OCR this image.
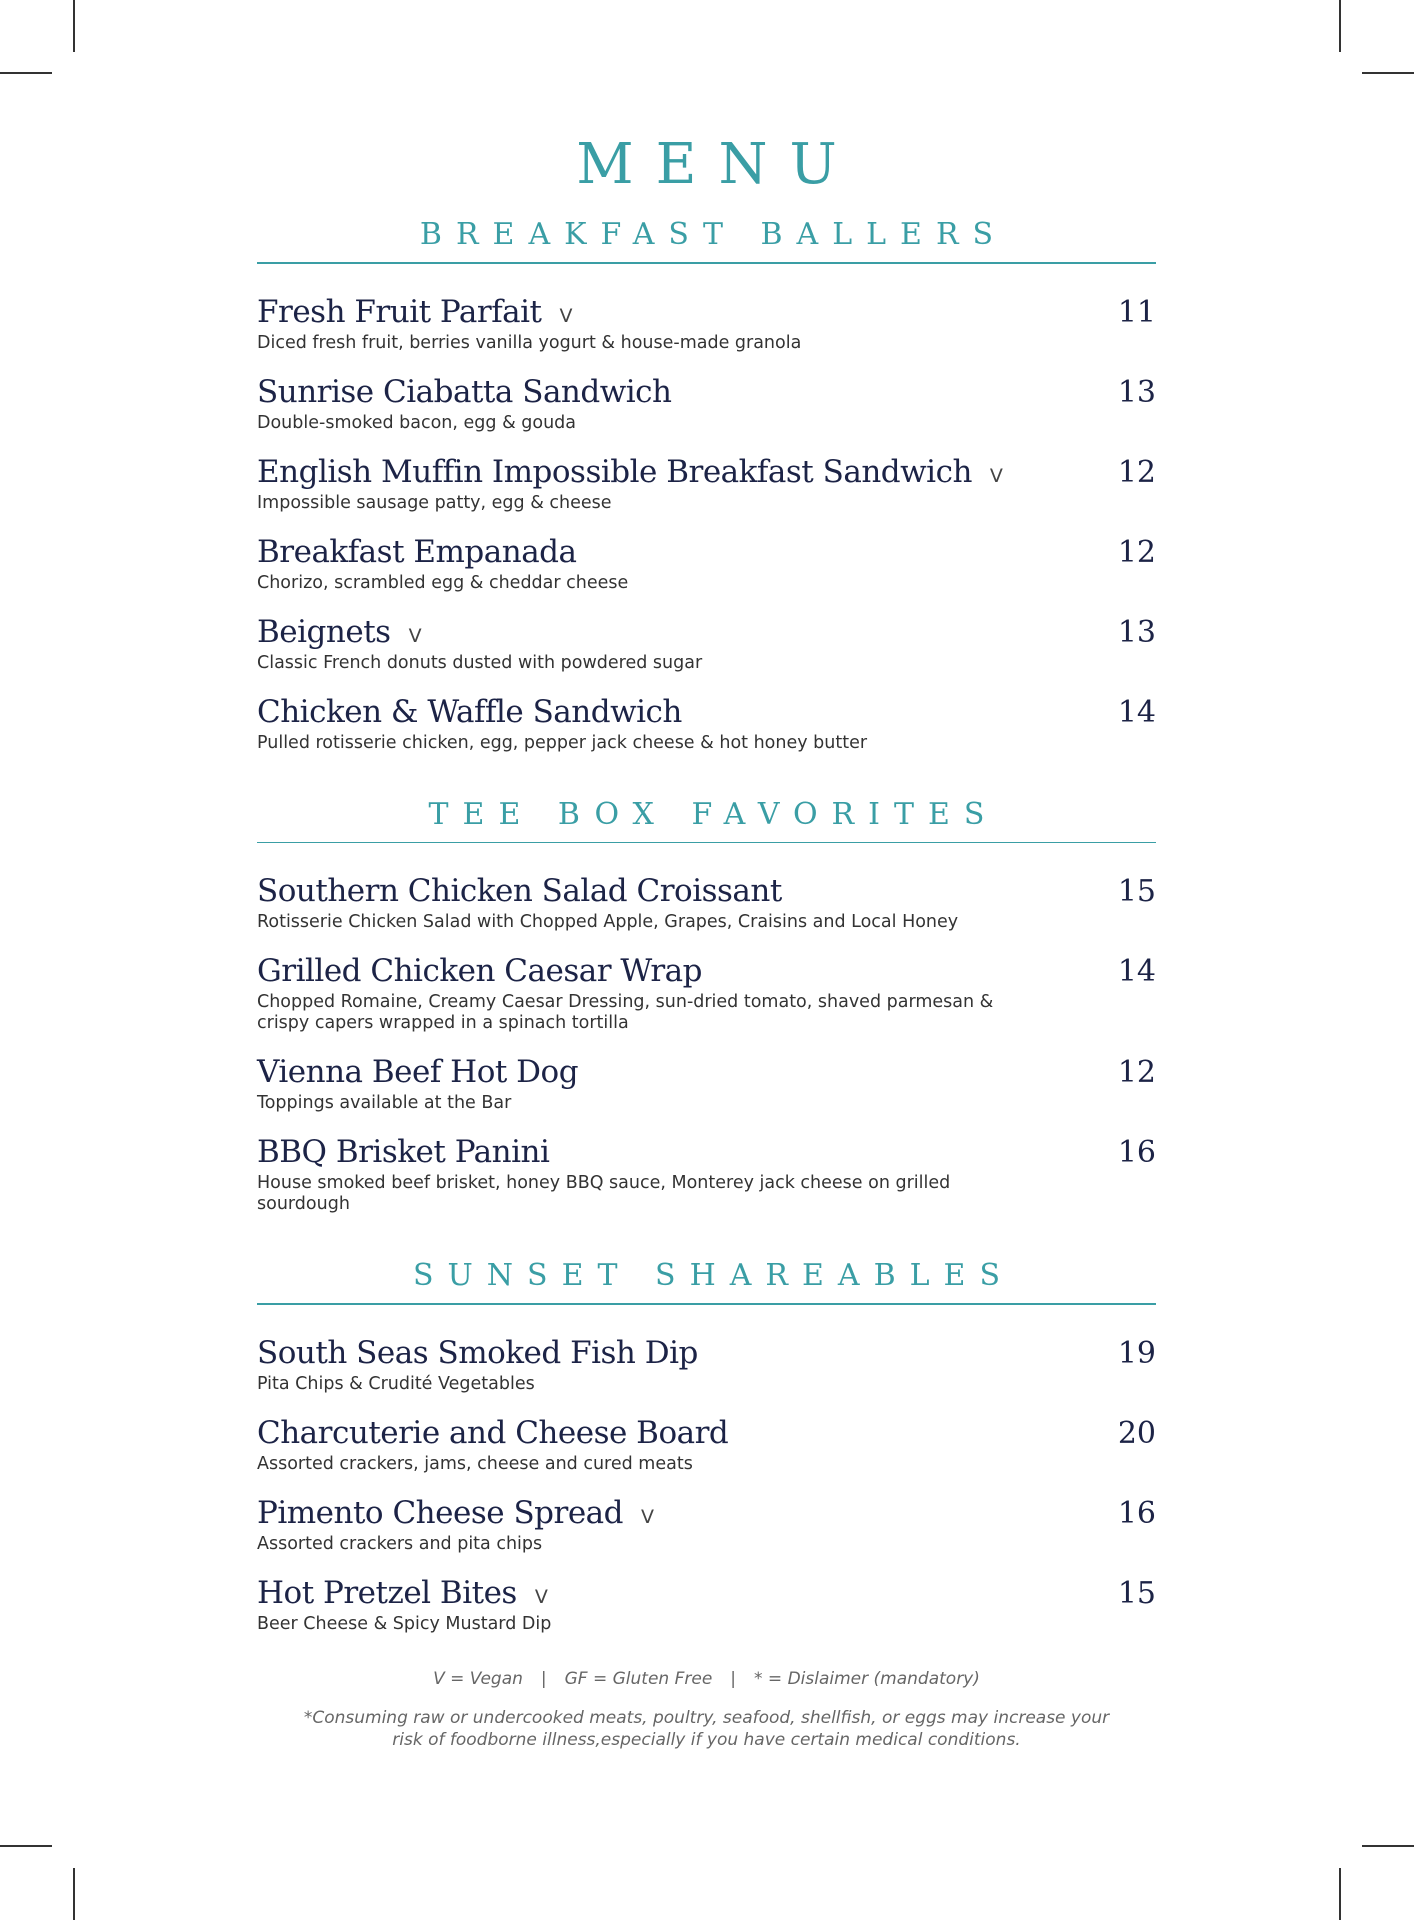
MENU
BREAKFAST BALLERS
Fresh Fruit Parfait V	11
Diced fresh fruit, berries vanilla yogurt & house-made granola
Sunrise Ciabatta Sandwich	13
Double-smoked bacon, egg & gouda
English Muffin Impossible Breakfast Sandwich V	12
Impossible sausage patty, egg & cheese
Breakfast Empanada	12
Chorizo, scrambled egg & cheddar cheese
Beignets V	13
Classic French donuts dusted with powdered sugar
Chicken & Waffle Sandwich	14
Pulled rotisserie chicken, egg, pepper jack cheese & hot honey butter
TEE BOX FAVORITES
Southern Chicken Salad Croissant	15
Rotisserie Chicken Salad with Chopped Apple, Grapes, Craisins and Local Honey
Grilled Chicken Caesar Wrap	14
Chopped Romaine, Creamy Caesar Dressing, sun-dried tomato, shaved parmesan & crispy capers wrapped in a spinach tortilla
Vienna Beef Hot Dog	12
Toppings available at the Bar
BBQ Brisket Panini	16
House smoked beef brisket, honey BBQ sauce, Monterey jack cheese on grilled sourdough
SUNSET SHAREABLES
South Seas Smoked Fish Dip	19
Pita Chips & Crudité Vegetables
Charcuterie and Cheese Board	20
Assorted crackers, jams, cheese and cured meats
Pimento Cheese Spread V	16
Assorted crackers and pita chips
Hot Pretzel Bites V	15
Beer Cheese & Spicy Mustard Dip
V = Vegan | GF = Gluten Free | * = Dislaimer (mandatory)
*Consuming raw or undercooked meats, poultry, seafood, shellfish, or eggs may increase your risk of foodborne illness,especially if you have certain medical conditions.
